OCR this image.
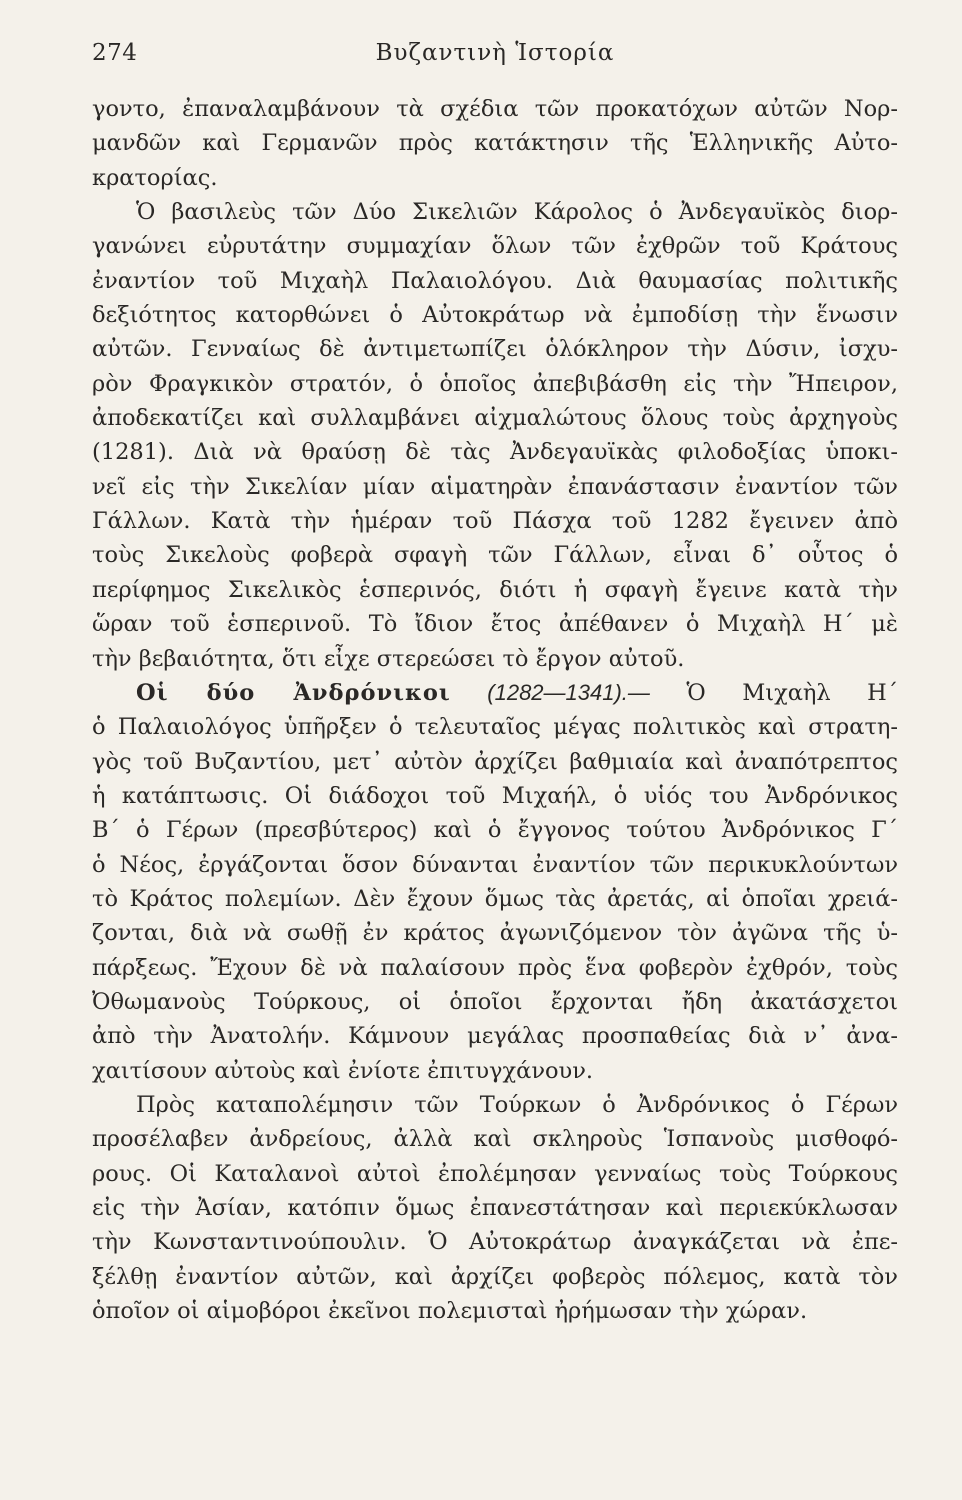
274	Βυζαντινὴ Ἱστορία
γοντο, ἐπαναλαμβάνουν τὰ σχέδια τῶν προκατόχων αὐτῶν Νορ-
μανδῶν καὶ Γερμανῶν πρὸς κατάκτησιν τῆς Ἑλληνικῆς Αὐτο-
κρατορίας.
Ὁ βασιλεὺς τῶν Δύο Σικελιῶν Κάρολος ὁ Ἀνδεγαυϊκὸς διορ-
γανώνει εὐρυτάτην συμμαχίαν ὅλων τῶν ἐχθρῶν τοῦ Κράτους
ἐναντίον τοῦ Μιχαὴλ Παλαιολόγου. Διὰ θαυμασίας πολιτικῆς
δεξιότητος κατορθώνει ὁ Αὐτοκράτωρ νὰ ἐμποδίσῃ τὴν ἕνωσιν
αὐτῶν. Γενναίως δὲ ἀντιμετωπίζει ὁλόκληρον τὴν Δύσιν, ἰσχυ-
ρὸν Φραγκικὸν στρατόν, ὁ ὁποῖος ἀπεβιβάσθη εἰς τὴν Ἤπειρον,
ἀποδεκατίζει καὶ συλλαμβάνει αἰχμαλώτους ὅλους τοὺς ἀρχηγοὺς
(1281). Διὰ νὰ θραύσῃ δὲ τὰς Ἀνδεγαυϊκὰς φιλοδοξίας ὑποκι-
νεῖ εἰς τὴν Σικελίαν μίαν αἱματηρὰν ἐπανάστασιν ἐναντίον τῶν
Γάλλων. Κατὰ τὴν ἡμέραν τοῦ Πάσχα τοῦ 1282 ἔγεινεν ἀπὸ
τοὺς Σικελοὺς φοβερὰ σφαγὴ τῶν Γάλλων, εἶναι δ᾽ οὗτος ὁ
περίφημος Σικελικὸς ἑσπερινός, διότι ἡ σφαγὴ ἔγεινε κατὰ τὴν
ὥραν τοῦ ἑσπερινοῦ. Τὸ ἴδιον ἔτος ἀπέθανεν ὁ Μιχαὴλ Η΄ μὲ
τὴν βεβαιότητα, ὅτι εἶχε στερεώσει τὸ ἔργον αὐτοῦ.
Οἱ δύο Ἀνδρόνικοι (1282—1341).— Ὁ Μιχαὴλ Η΄
ὁ Παλαιολόγος ὑπῆρξεν ὁ τελευταῖος μέγας πολιτικὸς καὶ στρατη-
γὸς τοῦ Βυζαντίου, μετ᾽ αὐτὸν ἀρχίζει βαθμιαία καὶ ἀναπότρεπτος
ἡ κατάπτωσις. Οἱ διάδοχοι τοῦ Μιχαήλ, ὁ υἱός του Ἀνδρόνικος
Β΄ ὁ Γέρων (πρεσβύτερος) καὶ ὁ ἔγγονος τούτου Ἀνδρόνικος Γ΄
ὁ Νέος, ἐργάζονται ὅσον δύνανται ἐναντίον τῶν περικυκλούντων
τὸ Κράτος πολεμίων. Δὲν ἔχουν ὅμως τὰς ἀρετάς, αἱ ὁποῖαι χρειά-
ζονται, διὰ νὰ σωθῇ ἐν κράτος ἀγωνιζόμενον τὸν ἀγῶνα τῆς ὑ-
πάρξεως. Ἔχουν δὲ νὰ παλαίσουν πρὸς ἕνα φοβερὸν ἐχθρόν, τοὺς
Ὀθωμανοὺς Τούρκους, οἱ ὁποῖοι ἔρχονται ἤδη ἀκατάσχετοι
ἀπὸ τὴν Ἀνατολήν. Κάμνουν μεγάλας προσπαθείας διὰ ν᾽ ἀνα-
χαιτίσουν αὐτοὺς καὶ ἐνίοτε ἐπιτυγχάνουν.
Πρὸς καταπολέμησιν τῶν Τούρκων ὁ Ἀνδρόνικος ὁ Γέρων
προσέλαβεν ἀνδρείους, ἀλλὰ καὶ σκληροὺς Ἱσπανοὺς μισθοφό-
ρους. Οἱ Καταλανοὶ αὐτοὶ ἐπολέμησαν γενναίως τοὺς Τούρκους
εἰς τὴν Ἀσίαν, κατόπιν ὅμως ἐπανεστάτησαν καὶ περιεκύκλωσαν
τὴν Κωνσταντινούπουλιν. Ὁ Αὐτοκράτωρ ἀναγκάζεται νὰ ἐπε-
ξέλθῃ ἐναντίον αὐτῶν, καὶ ἀρχίζει φοβερὸς πόλεμος, κατὰ τὸν
ὁποῖον οἱ αἱμοβόροι ἐκεῖνοι πολεμισταὶ ἠρήμωσαν τὴν χώραν.
